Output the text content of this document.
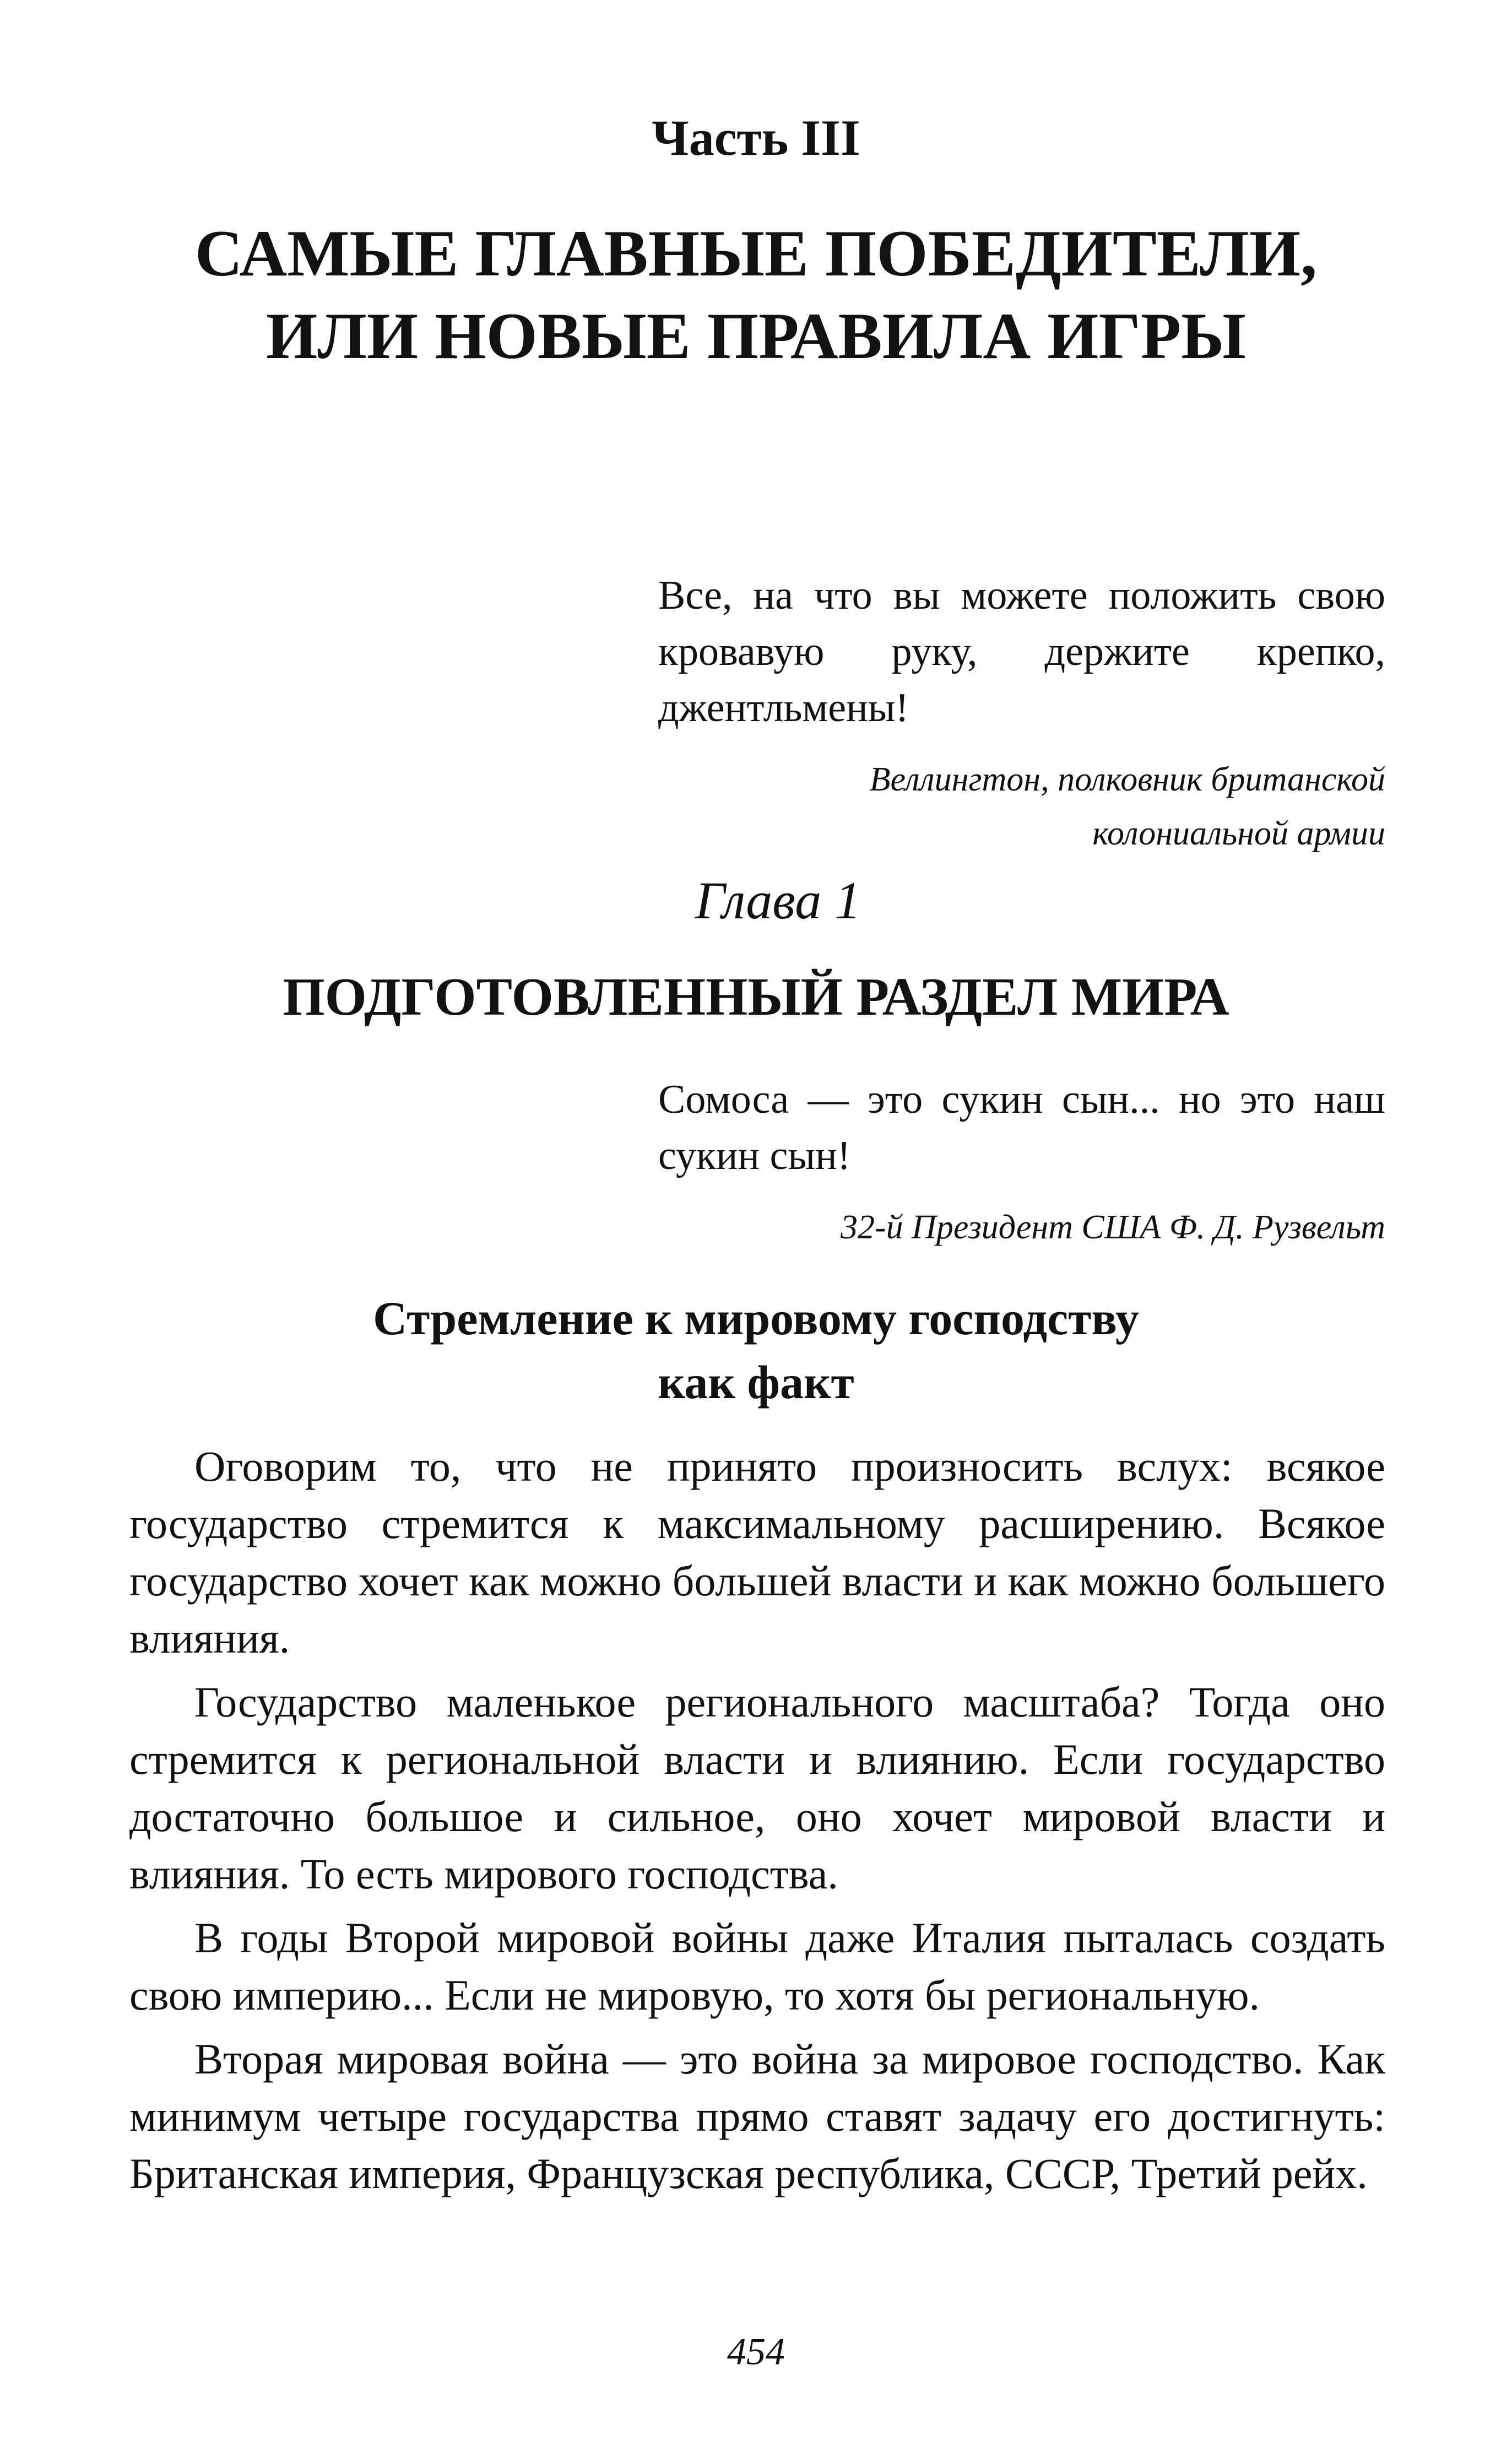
Часть III
САМЫЕ ГЛАВНЫЕ ПОБЕДИТЕЛИ,
ИЛИ НОВЫЕ ПРАВИЛА ИГРЫ
Все, на что вы можете положить свою кровавую руку, держите крепко, джентльмены!
Веллингтон, полковник британской
колониальной армии
Глава 1
ПОДГОТОВЛЕННЫЙ РАЗДЕЛ МИРА
Сомоса — это сукин сын... но это наш сукин сын!
32-й Президент США Ф. Д. Рузвельт
Стремление к мировому господству
как факт

Оговорим то, что не принято произносить вслух: всякое государство стремится к максимальному расширению. Всякое государство хочет как можно большей власти и как можно большего влияния.

Государство маленькое регионального масштаба? Тогда оно стремится к региональной власти и влиянию. Если государство достаточно большое и сильное, оно хочет мировой власти и влияния. То есть мирового господства.

В годы Второй мировой войны даже Италия пыталась создать свою империю... Если не мировую, то хотя бы региональную.

Вторая мировая война — это война за мировое господство. Как минимум четыре государства прямо ставят задачу его достигнуть: Британская империя, Французская республика, СССР, Третий рейх.

454
